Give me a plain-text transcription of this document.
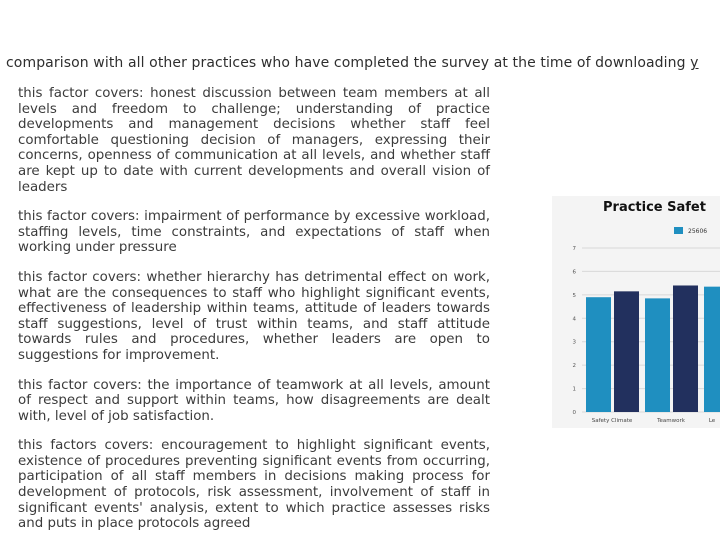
comparison with all other practices who have completed the survey at the time of downloading y

this factor covers: honest discussion between team members at all levels and freedom to challenge; understanding of practice developments and management decisions whether staff feel comfortable questioning decision of managers, expressing their concerns, openness of communication at all levels, and whether staff are kept up to date with current developments and overall vision of leaders

this factor covers: impairment of performance by excessive workload, staffing levels, time constraints, and expectations of staff when working under pressure

this factor covers: whether hierarchy has detrimental effect on work, what are the consequences to staff who highlight significant events, effectiveness of leadership within teams, attitude of leaders towards staff suggestions, level of trust within teams, and staff attitude towards rules and procedures, whether leaders are open to suggestions for improvement.

this factor covers: the importance of teamwork at all levels, amount of respect and support within teams, how disagreements are dealt with, level of job satisfaction.

this factors covers: encouragement to highlight significant events, existence of procedures preventing significant events from occurring, participation of all staff members in decisions making process for development of protocols, risk assessment, involvement of staff in significant events' analysis, extent to which practice assesses risks and puts in place protocols agreed

Practice Safet
0
1
2
3
4
5
6
7
25606
Safety Climate	Teamwork	Le
